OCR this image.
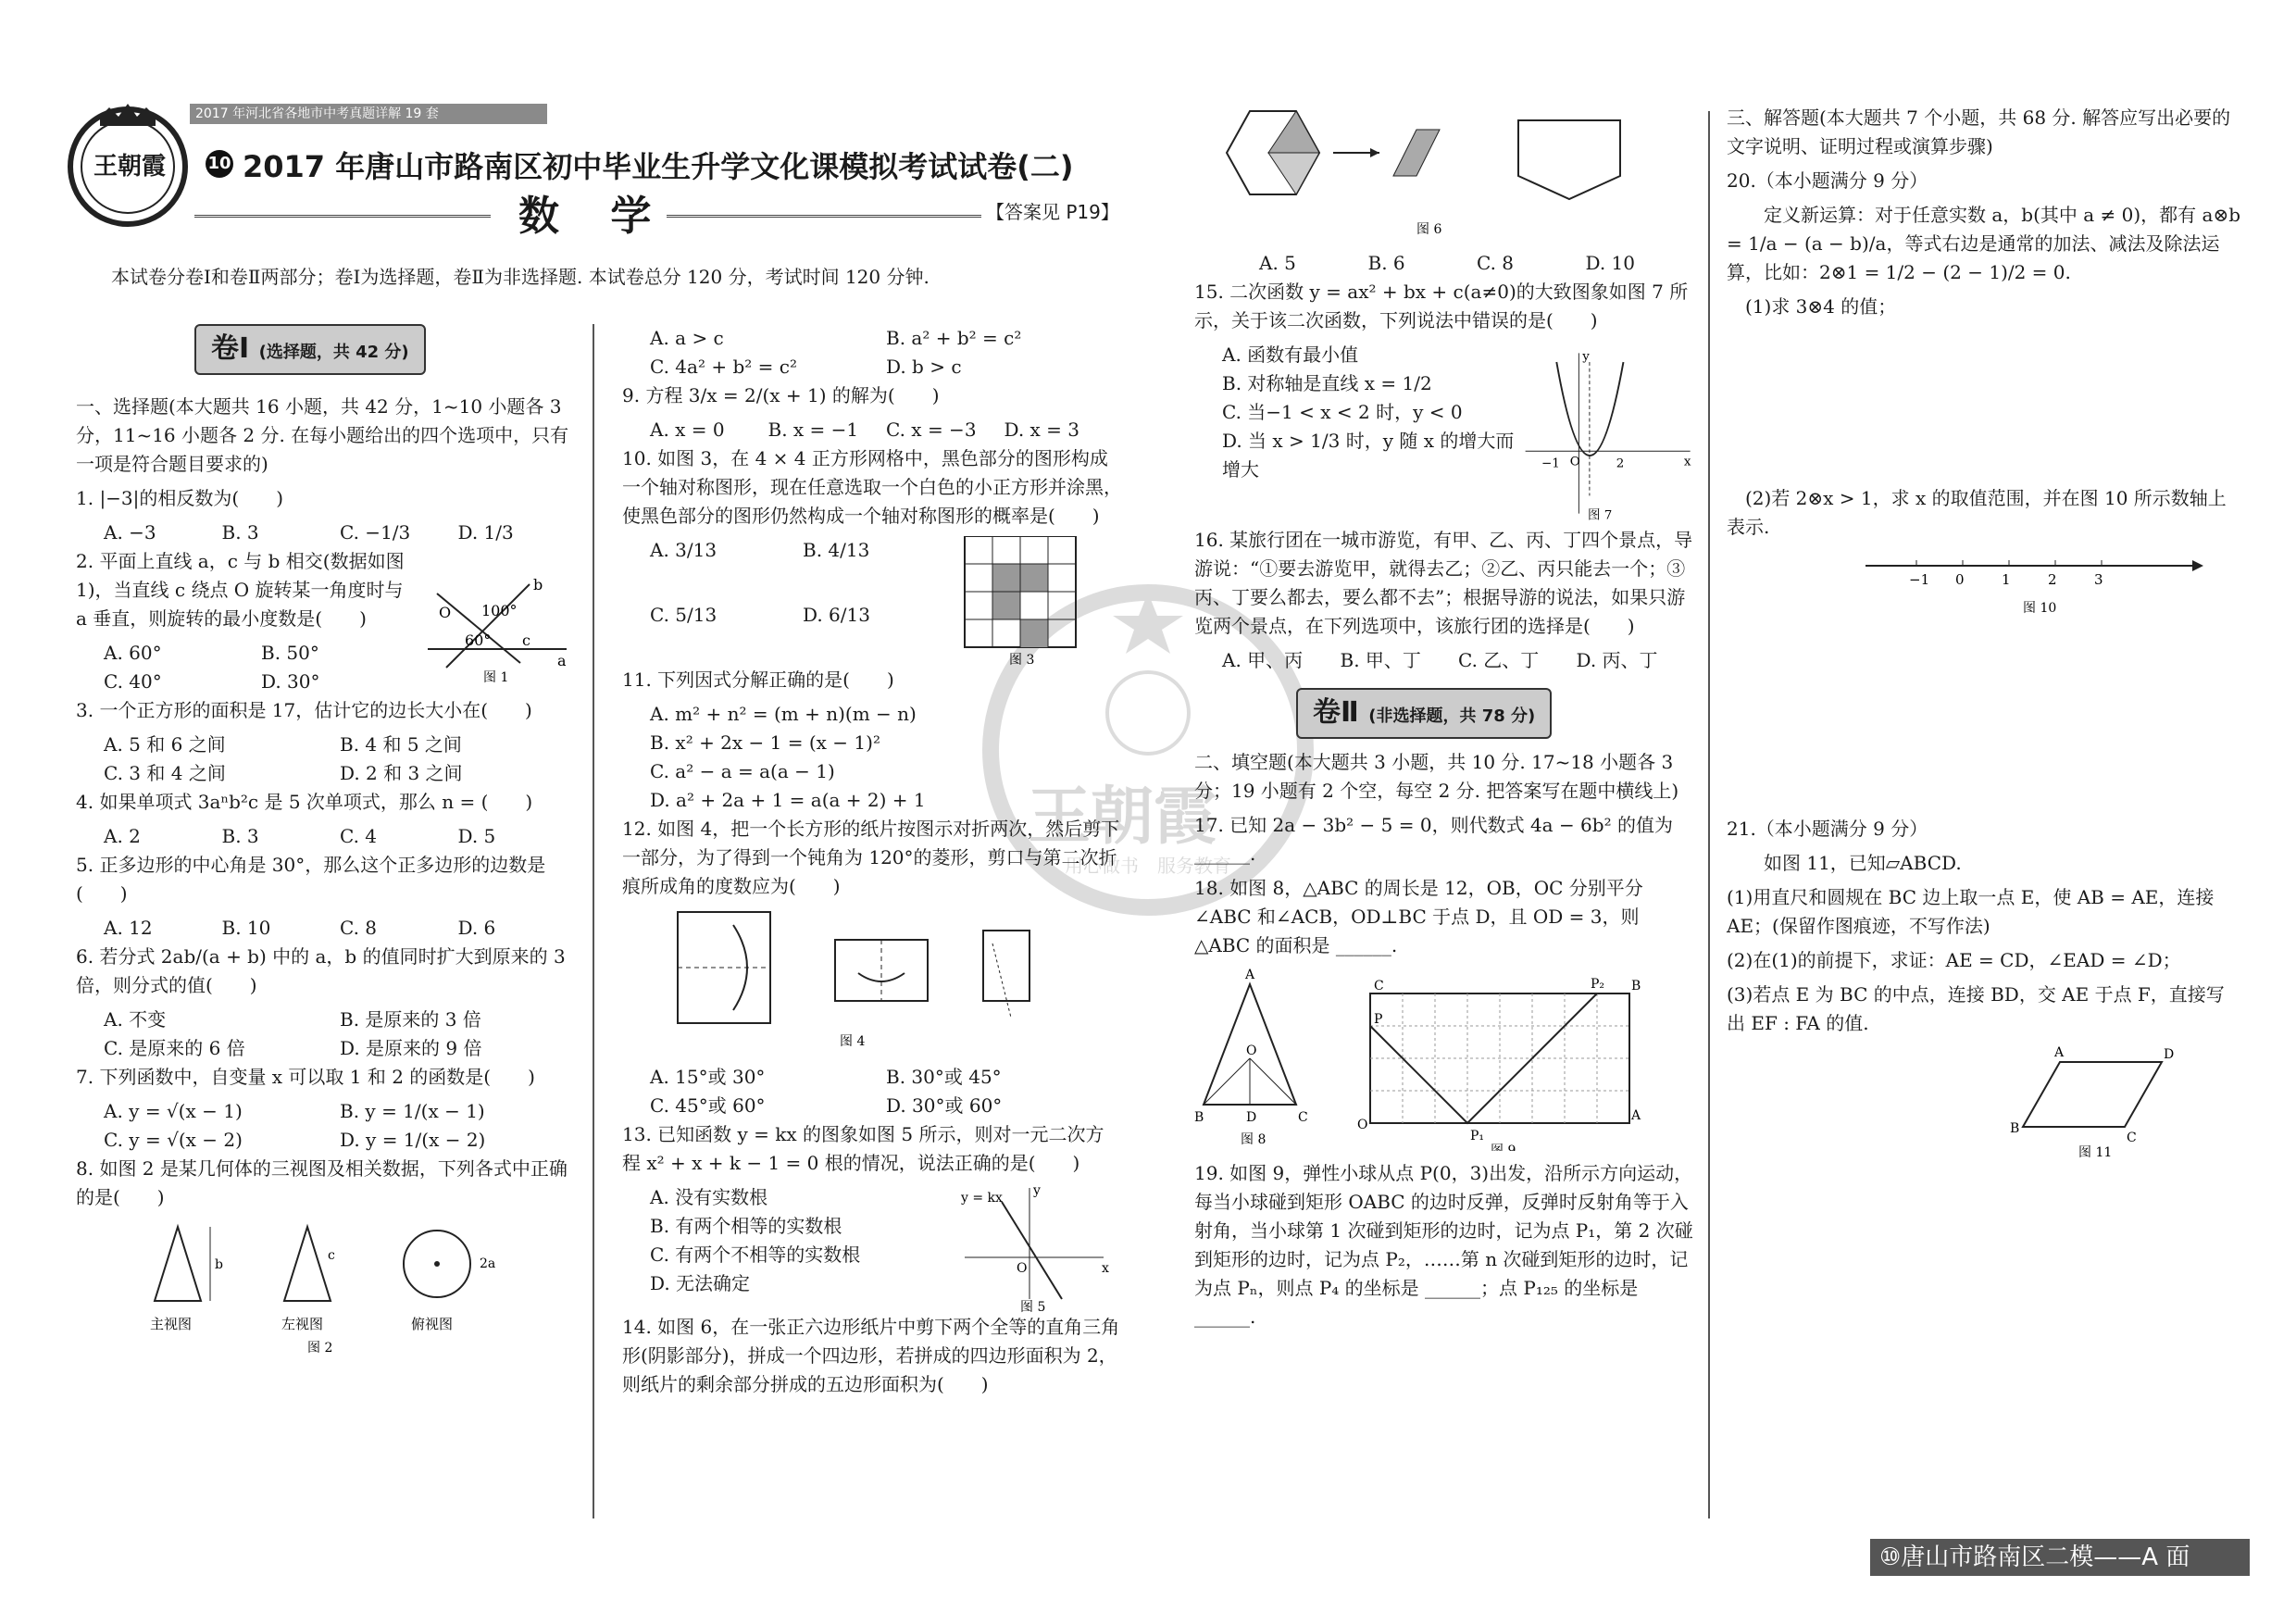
2017 年河北省各地市中考真题详解 19 套
王朝霞	10 2017 年唐山市路南区初中毕业生升学文化课模拟考试试卷(二)
数 学	【答案见 P19】
本试卷分卷Ⅰ和卷Ⅱ两部分；卷Ⅰ为选择题，卷Ⅱ为非选择题. 本试卷总分 120 分，考试时间 120 分钟.
王朝霞
用心做书　服务教育
卷Ⅰ (选择题，共 42 分)

一、选择题(本大题共 16 小题，共 42 分，1~10 小题各 3 分，11~16 小题各 2 分. 在每小题给出的四个选项中，只有一项是符合题目要求的)

1. |−3|的相反数为(　　)

A. −3	B. 3	C. −1/3	D. 1/3

2. 平面上直线 a，c 与 b 相交(数据如图 1)，当直线 c 绕点 O 旋转某一角度时与 a 垂直，则旋转的最小度数是(　　)

b
100°
60°
a
c
O
图 1
A. 60°	B. 50°
C. 40°	D. 30°

3. 一个正方形的面积是 17，估计它的边长大小在(　　)

A. 5 和 6 之间	B. 4 和 5 之间
C. 3 和 4 之间	D. 2 和 3 之间

4. 如果单项式 3aⁿb²c 是 5 次单项式，那么 n = (　　)

A. 2	B. 3	C. 4	D. 5

5. 正多边形的中心角是 30°，那么这个正多边形的边数是(　　)

A. 12	B. 10	C. 8	D. 6

6. 若分式 2ab/(a + b) 中的 a，b 的值同时扩大到原来的 3 倍，则分式的值(　　)

A. 不变	B. 是原来的 3 倍
C. 是原来的 6 倍	D. 是原来的 9 倍

7. 下列函数中，自变量 x 可以取 1 和 2 的函数是(　　)

A. y = √(x − 1)	B. y = 1/(x − 1)
C. y = √(x − 2)	D. y = 1/(x − 2)

8. 如图 2 是某几何体的三视图及相关数据，下列各式中正确的是(　　)

b
c
2a
主视图	左视图	俯视图
图 2
A. a > c	B. a² + b² = c²
C. 4a² + b² = c²	D. b > c

9. 方程 3/x = 2/(x + 1) 的解为(　　)

A. x = 0	B. x = −1	C. x = −3	D. x = 3

10. 如图 3，在 4 × 4 正方形网格中，黑色部分的图形构成一个轴对称图形，现在任意选取一个白色的小正方形并涂黑，使黑色部分的图形仍然构成一个轴对称图形的概率是(　　)

A. 3/13	B. 4/13
C. 5/13	D. 6/13
图 3

11. 下列因式分解正确的是(　　)

A. m² + n² = (m + n)(m − n)
B. x² + 2x − 1 = (x − 1)²
C. a² − a = a(a − 1)
D. a² + 2a + 1 = a(a + 2) + 1

12. 如图 4，把一个长方形的纸片按图示对折两次，然后剪下一部分，为了得到一个钝角为 120°的菱形，剪口与第二次折痕所成角的度数应为(　　)

图 4
A. 15°或 30°	B. 30°或 45°
C. 45°或 60°	D. 30°或 60°

13. 已知函数 y = kx 的图象如图 5 所示，则对一元二次方程 x² + x + k − 1 = 0 根的情况，说法正确的是(　　)

A. 没有实数根
B. 有两个相等的实数根
C. 有两个不相等的实数根
D. 无法确定
y = kx
O	x
y
图 5

14. 如图 6，在一张正六边形纸片中剪下两个全等的直角三角形(阴影部分)，拼成一个四边形，若拼成的四边形面积为 2，则纸片的剩余部分拼成的五边形面积为(　　)

图 6
A. 5	B. 6	C. 8	D. 10

15. 二次函数 y = ax² + bx + c(a≠0)的大致图象如图 7 所示，关于该二次函数，下列说法中错误的是(　　)

A. 函数有最小值
B. 对称轴是直线 x = 1/2
C. 当−1 < x < 2 时，y < 0
D. 当 x > 1/3 时，y 随 x 的增大而增大	−1 O	2	x
y
图 7

16. 某旅行团在一城市游览，有甲、乙、丙、丁四个景点，导游说：“①要去游览甲，就得去乙；②乙、丙只能去一个；③丙、丁要么都去，要么都不去”；根据导游的说法，如果只游览两个景点，在下列选项中，该旅行团的选择是(　　)

A. 甲、丙	B. 甲、丁	C. 乙、丁	D. 丙、丁
卷Ⅱ (非选择题，共 78 分)

二、填空题(本大题共 3 小题，共 10 分. 17~18 小题各 3 分；19 小题有 2 个空，每空 2 分. 把答案写在题中横线上)

17. 已知 2a − 3b² − 5 = 0，则代数式 4a − 6b² 的值为 ______.

18. 如图 8，△ABC 的周长是 12，OB，OC 分别平分∠ABC 和∠ACB，OD⊥BC 于点 D，且 OD = 3，则△ABC 的面积是 ______.

A
B	C
O
D
图 8
O
C
P
B
A
P₂
P₁
图 9

19. 如图 9，弹性小球从点 P(0，3)出发，沿所示方向运动，每当小球碰到矩形 OABC 的边时反弹，反弹时反射角等于入射角，当小球第 1 次碰到矩形的边时，记为点 P₁，第 2 次碰到矩形的边时，记为点 P₂，……第 n 次碰到矩形的边时，记为点 Pₙ，则点 P₄ 的坐标是 ______；点 P₁₂₅ 的坐标是 ______.

三、解答题(本大题共 7 个小题，共 68 分. 解答应写出必要的文字说明、证明过程或演算步骤)

20.（本小题满分 9 分）

定义新运算：对于任意实数 a，b(其中 a ≠ 0)，都有 a⊗b = 1/a − (a − b)/a，等式右边是通常的加法、减法及除法运算，比如：2⊗1 = 1/2 − (2 − 1)/2 = 0.

(1)求 3⊗4 的值；

(2)若 2⊗x > 1，求 x 的取值范围，并在图 10 所示数轴上表示.

−1 0	1	2	3
图 10

21.（本小题满分 9 分）

如图 11，已知▱ABCD.

(1)用直尺和圆规在 BC 边上取一点 E，使 AB = AE，连接 AE；(保留作图痕迹，不写作法)

(2)在(1)的前提下，求证：AE = CD，∠EAD = ∠D；

(3)若点 E 为 BC 的中点，连接 BD，交 AE 于点 F，直接写出 EF : FA 的值.

A	D
B
C
图 11
⑩唐山市路南区二模——A 面
